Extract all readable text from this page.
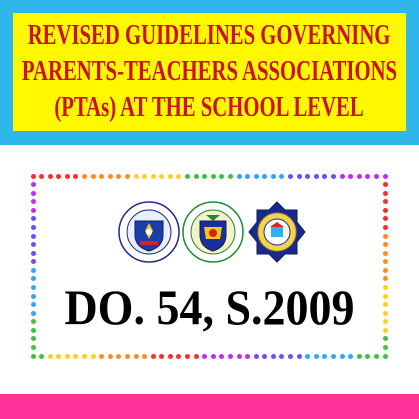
REVISED GUIDELINES GOVERNING
PARENTS-TEACHERS ASSOCIATIONS
(PTAs) AT THE SCHOOL LEVEL
DO. 54, S.2009
